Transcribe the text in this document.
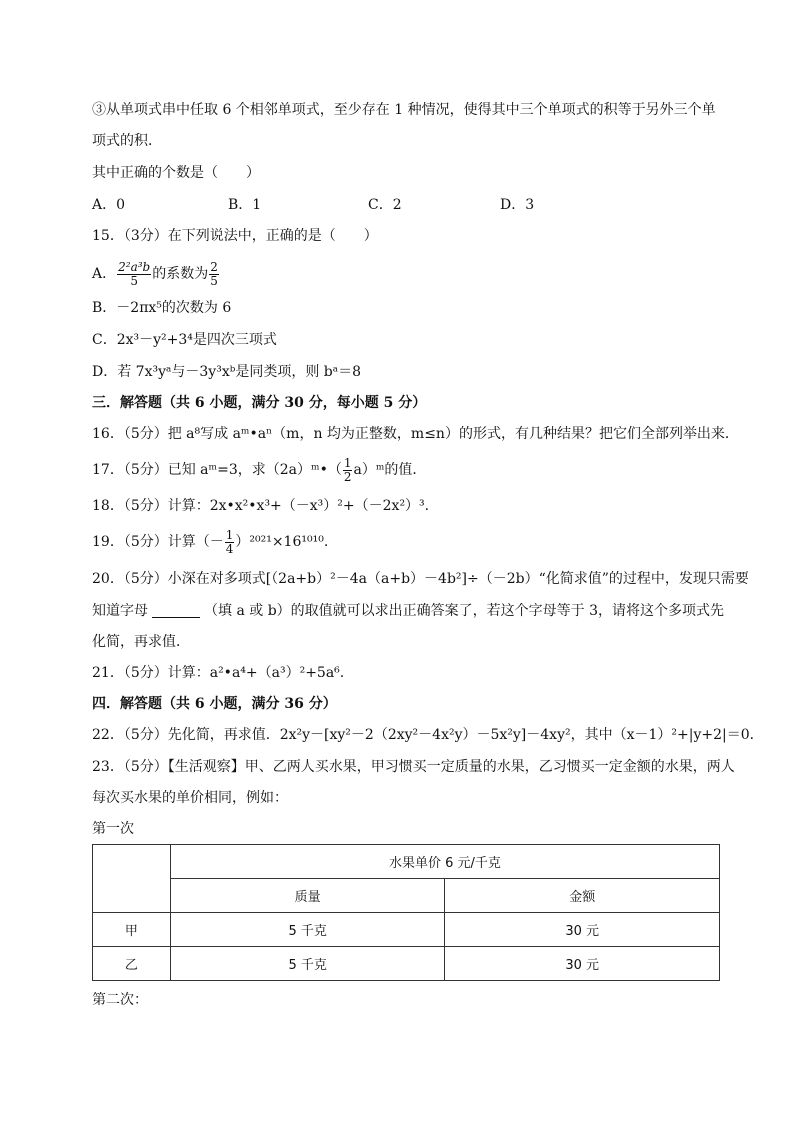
③从单项式串中任取 6 个相邻单项式，至少存在 1 种情况，使得其中三个单项式的积等于另外三个单
项式的积．
其中正确的个数是（　　）
A．0	B．1	C．2	D．3
15．（3分）在下列说法中，正确的是（　　）
A． $\frac{\text{2²a³b}}{5}$ 的系数为 $\frac{2}{5}$
B．－2πx⁵的次数为 6
C．2x³－y²+3⁴是四次三项式
D．若 7x³yᵃ与－3y³xᵇ是同类项，则 bᵃ＝8
三．解答题（共 6 小题，满分 30 分，每小题 5 分）
16．（5分）把 a⁸写成 aᵐ•aⁿ（m，n 均为正整数，m≤n）的形式，有几种结果？把它们全部列举出来．
17．（5分）已知 aᵐ=3，求（2a）ᵐ•（ $\frac{1}{2}$ a）ᵐ的值．
18．（5分）计算：2x•x²•x³+（－x³）²+（－2x²）³.
19．（5分）计算（－ $\frac{1}{4} )^{2021}\times 16^{1010}$.
20．（5分）小深在对多项式[（2a+b）²－4a（a+b）－4b²]÷（－2b）“化简求值”的过程中，发现只需要
知道字母	（填 a 或 b）的取值就可以求出正确答案了，若这个字母等于 3，请将这个多项式先
化简，再求值．
21．（5分）计算：a²•a⁴+（a³）²+5a⁶.
四．解答题（共 6 小题，满分 36 分）
22．（5分）先化简，再求值．2x²y－[xy²－2（2xy²－4x²y）－5x²y]－4xy²，其中（x－1）²+|y+2|＝0．
23．（5分）【生活观察】甲、乙两人买水果，甲习惯买一定质量的水果，乙习惯买一定金额的水果，两人
每次买水果的单价相同，例如：
第一次
	水果单价 6 元/千克	
	质量	金额
甲	5 千克	30 元
乙	5 千克	30 元
第二次：
